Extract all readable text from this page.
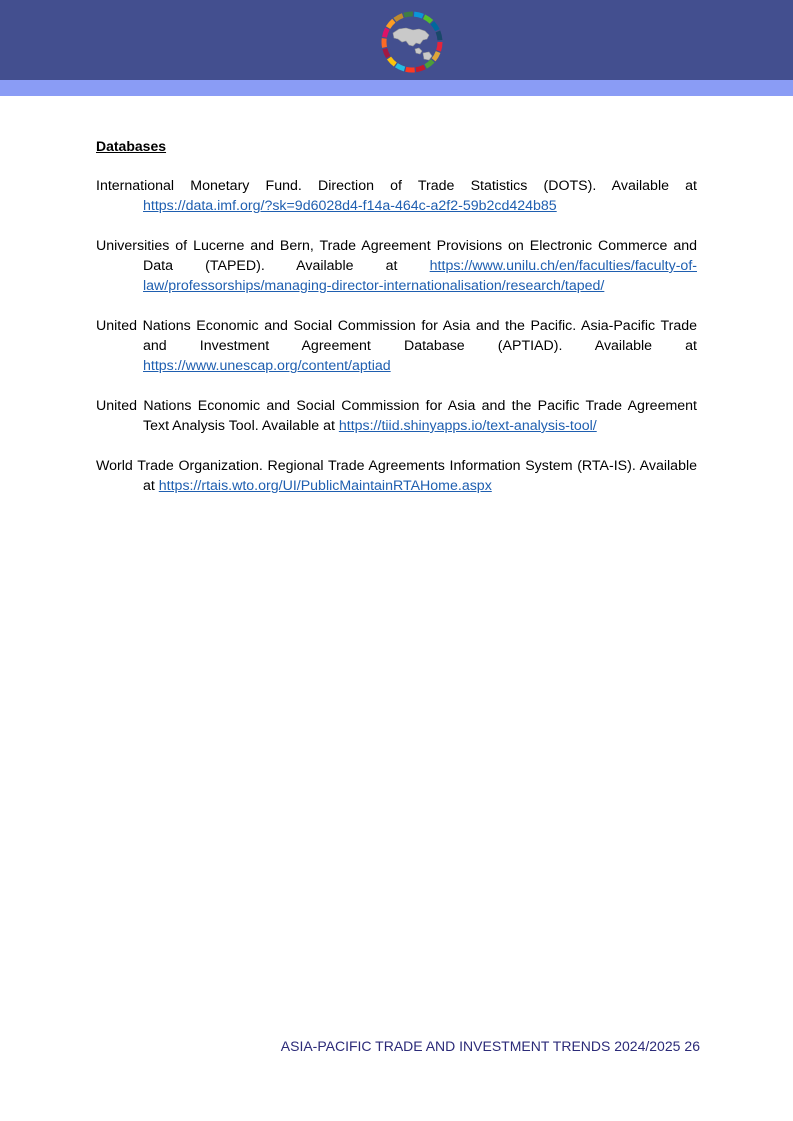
Databases

International Monetary Fund. Direction of Trade Statistics (DOTS). Available at https://data.imf.org/?sk=9d6028d4-f14a-464c-a2f2-59b2cd424b85

Universities of Lucerne and Bern, Trade Agreement Provisions on Electronic Commerce and Data (TAPED). Available at https://www.unilu.ch/en/faculties/faculty-of-law/professorships/managing-director-internationalisation/research/taped/

United Nations Economic and Social Commission for Asia and the Pacific. Asia-Pacific Trade and Investment Agreement Database (APTIAD). Available at https://www.unescap.org/content/aptiad

United Nations Economic and Social Commission for Asia and the Pacific Trade Agreement Text Analysis Tool. Available at https://tiid.shinyapps.io/text-analysis-tool/

World Trade Organization. Regional Trade Agreements Information System (RTA-IS). Available at https://rtais.wto.org/UI/PublicMaintainRTAHome.aspx

ASIA-PACIFIC TRADE AND INVESTMENT TRENDS 2024/2025 26
